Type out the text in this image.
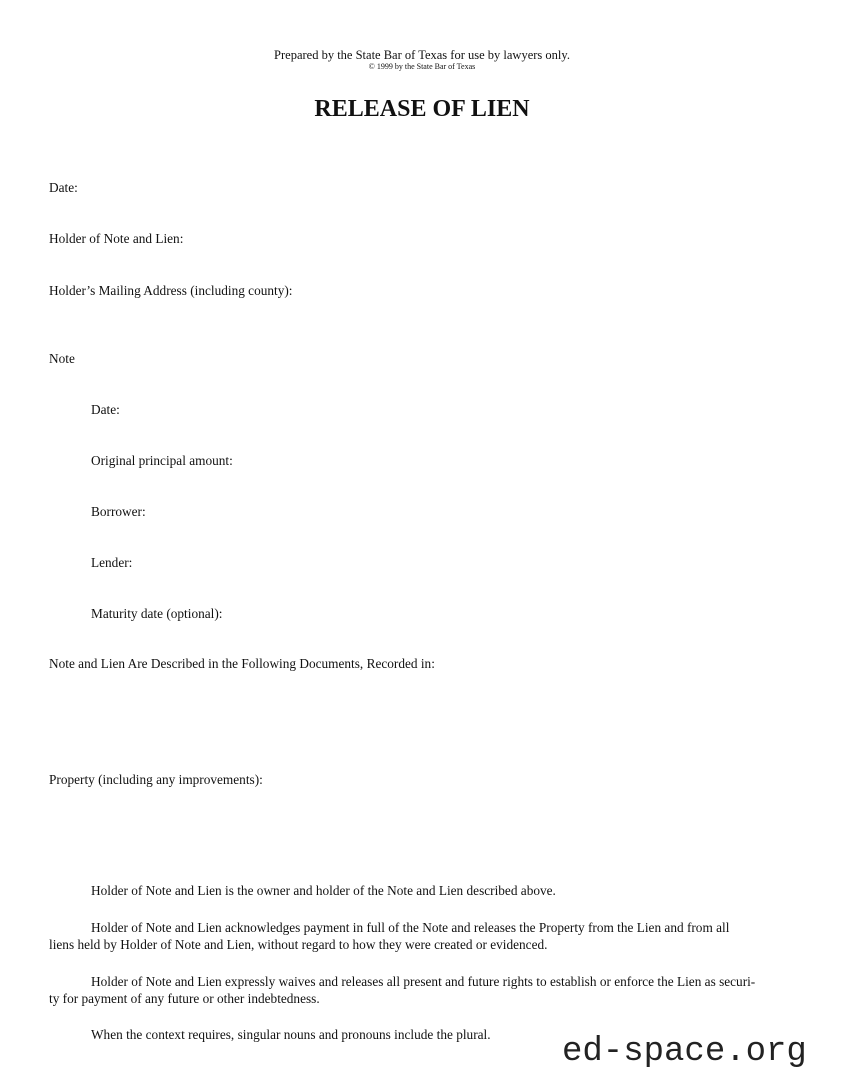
Prepared by the State Bar of Texas for use by lawyers only.
© 1999 by the State Bar of Texas
RELEASE OF LIEN
Date:
Holder of Note and Lien:
Holder’s Mailing Address (including county):
Note
Date:
Original principal amount:
Borrower:
Lender:
Maturity date (optional):
Note and Lien Are Described in the Following Documents, Recorded in:
Property (including any improvements):
Holder of Note and Lien is the owner and holder of the Note and Lien described above.
Holder of Note and Lien acknowledges payment in full of the Note and releases the Property from the Lien and from all
liens held by Holder of Note and Lien, without regard to how they were created or evidenced.
Holder of Note and Lien expressly waives and releases all present and future rights to establish or enforce the Lien as securi-
ty for payment of any future or other indebtedness.
When the context requires, singular nouns and pronouns include the plural. ed-space.org
